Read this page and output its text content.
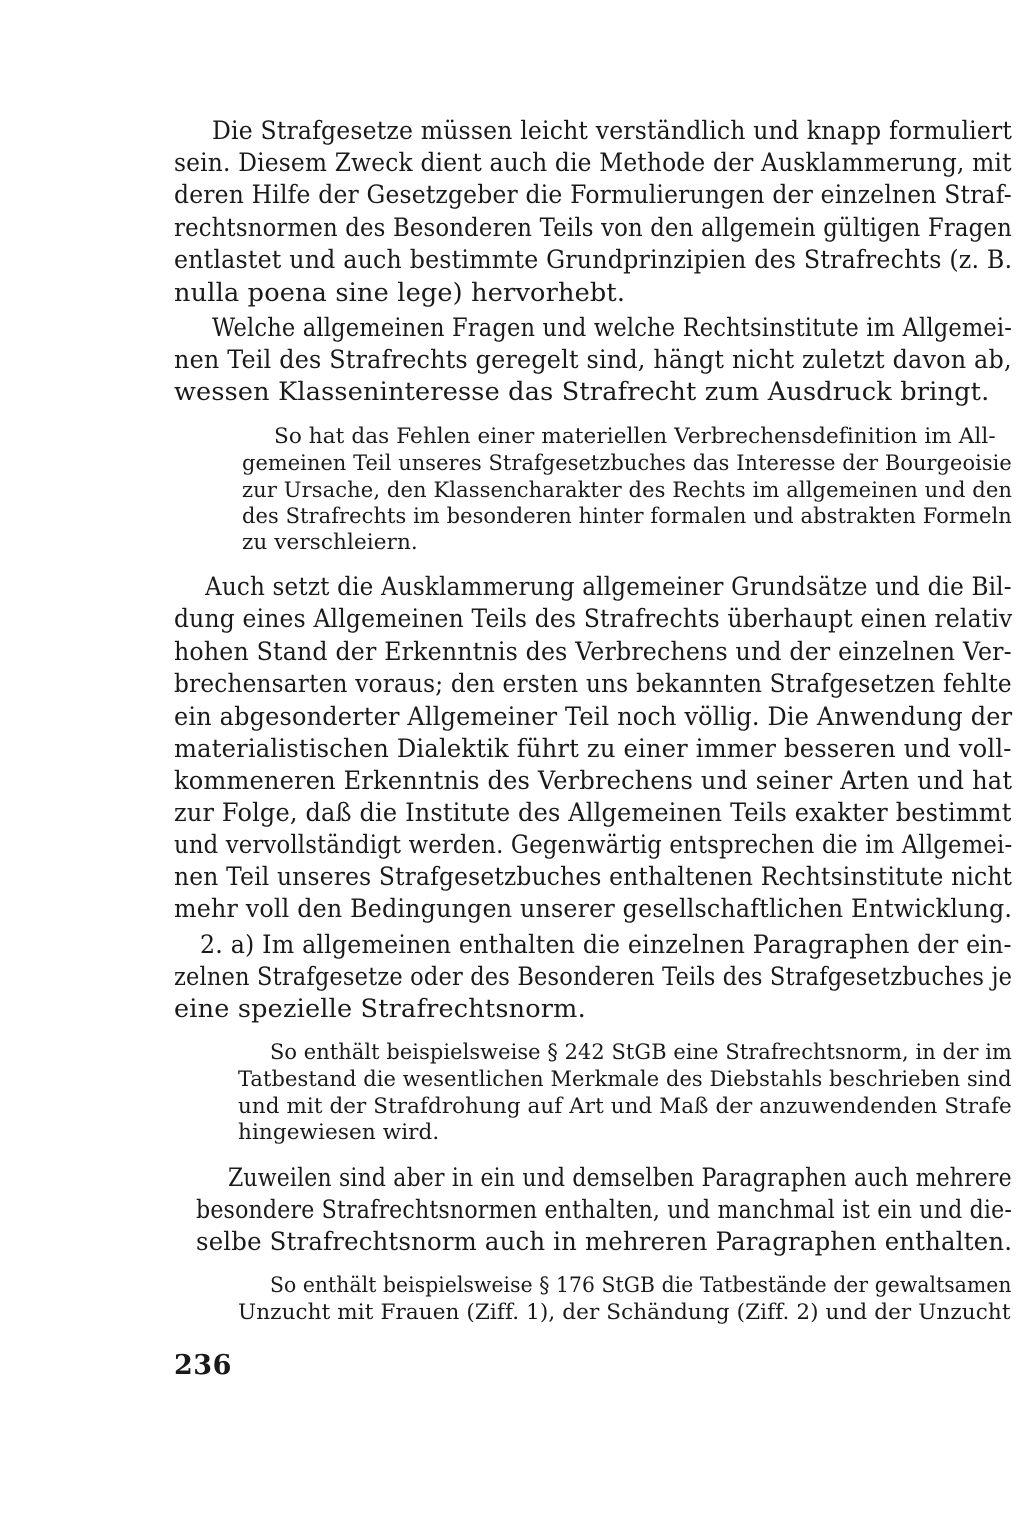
Die Strafgesetze müssen leicht verständlich und knapp formuliert

sein. Diesem Zweck dient auch die Methode der Ausklammerung, mit

deren Hilfe der Gesetzgeber die Formulierungen der einzelnen Straf-

rechtsnormen des Besonderen Teils von den allgemein gültigen Fragen

entlastet und auch bestimmte Grundprinzipien des Strafrechts (z. B.

nulla poena sine lege) hervorhebt.

Welche allgemeinen Fragen und welche Rechtsinstitute im Allgemei-

nen Teil des Strafrechts geregelt sind, hängt nicht zuletzt davon ab,

wessen Klasseninteresse das Strafrecht zum Ausdruck bringt.

So hat das Fehlen einer materiellen Verbrechensdefinition im All-

gemeinen Teil unseres Strafgesetzbuches das Interesse der Bourgeoisie

zur Ursache, den Klassencharakter des Rechts im allgemeinen und den

des Strafrechts im besonderen hinter formalen und abstrakten Formeln

zu verschleiern.

Auch setzt die Ausklammerung allgemeiner Grundsätze und die Bil-

dung eines Allgemeinen Teils des Strafrechts überhaupt einen relativ

hohen Stand der Erkenntnis des Verbrechens und der einzelnen Ver-

brechensarten voraus; den ersten uns bekannten Strafgesetzen fehlte

ein abgesonderter Allgemeiner Teil noch völlig. Die Anwendung der

materialistischen Dialektik führt zu einer immer besseren und voll-

kommeneren Erkenntnis des Verbrechens und seiner Arten und hat

zur Folge, daß die Institute des Allgemeinen Teils exakter bestimmt

und vervollständigt werden. Gegenwärtig entsprechen die im Allgemei-

nen Teil unseres Strafgesetzbuches enthaltenen Rechtsinstitute nicht

mehr voll den Bedingungen unserer gesellschaftlichen Entwicklung.

2. a) Im allgemeinen enthalten die einzelnen Paragraphen der ein-

zelnen Strafgesetze oder des Besonderen Teils des Strafgesetzbuches je

eine spezielle Strafrechtsnorm.

So enthält beispielsweise § 242 StGB eine Strafrechtsnorm, in der im

Tatbestand die wesentlichen Merkmale des Diebstahls beschrieben sind

und mit der Strafdrohung auf Art und Maß der anzuwendenden Strafe

hingewiesen wird.

Zuweilen sind aber in ein und demselben Paragraphen auch mehrere

besondere Strafrechtsnormen enthalten, und manchmal ist ein und die-

selbe Strafrechtsnorm auch in mehreren Paragraphen enthalten.

So enthält beispielsweise § 176 StGB die Tatbestände der gewaltsamen

Unzucht mit Frauen (Ziff. 1), der Schändung (Ziff. 2) und der Unzucht

236
